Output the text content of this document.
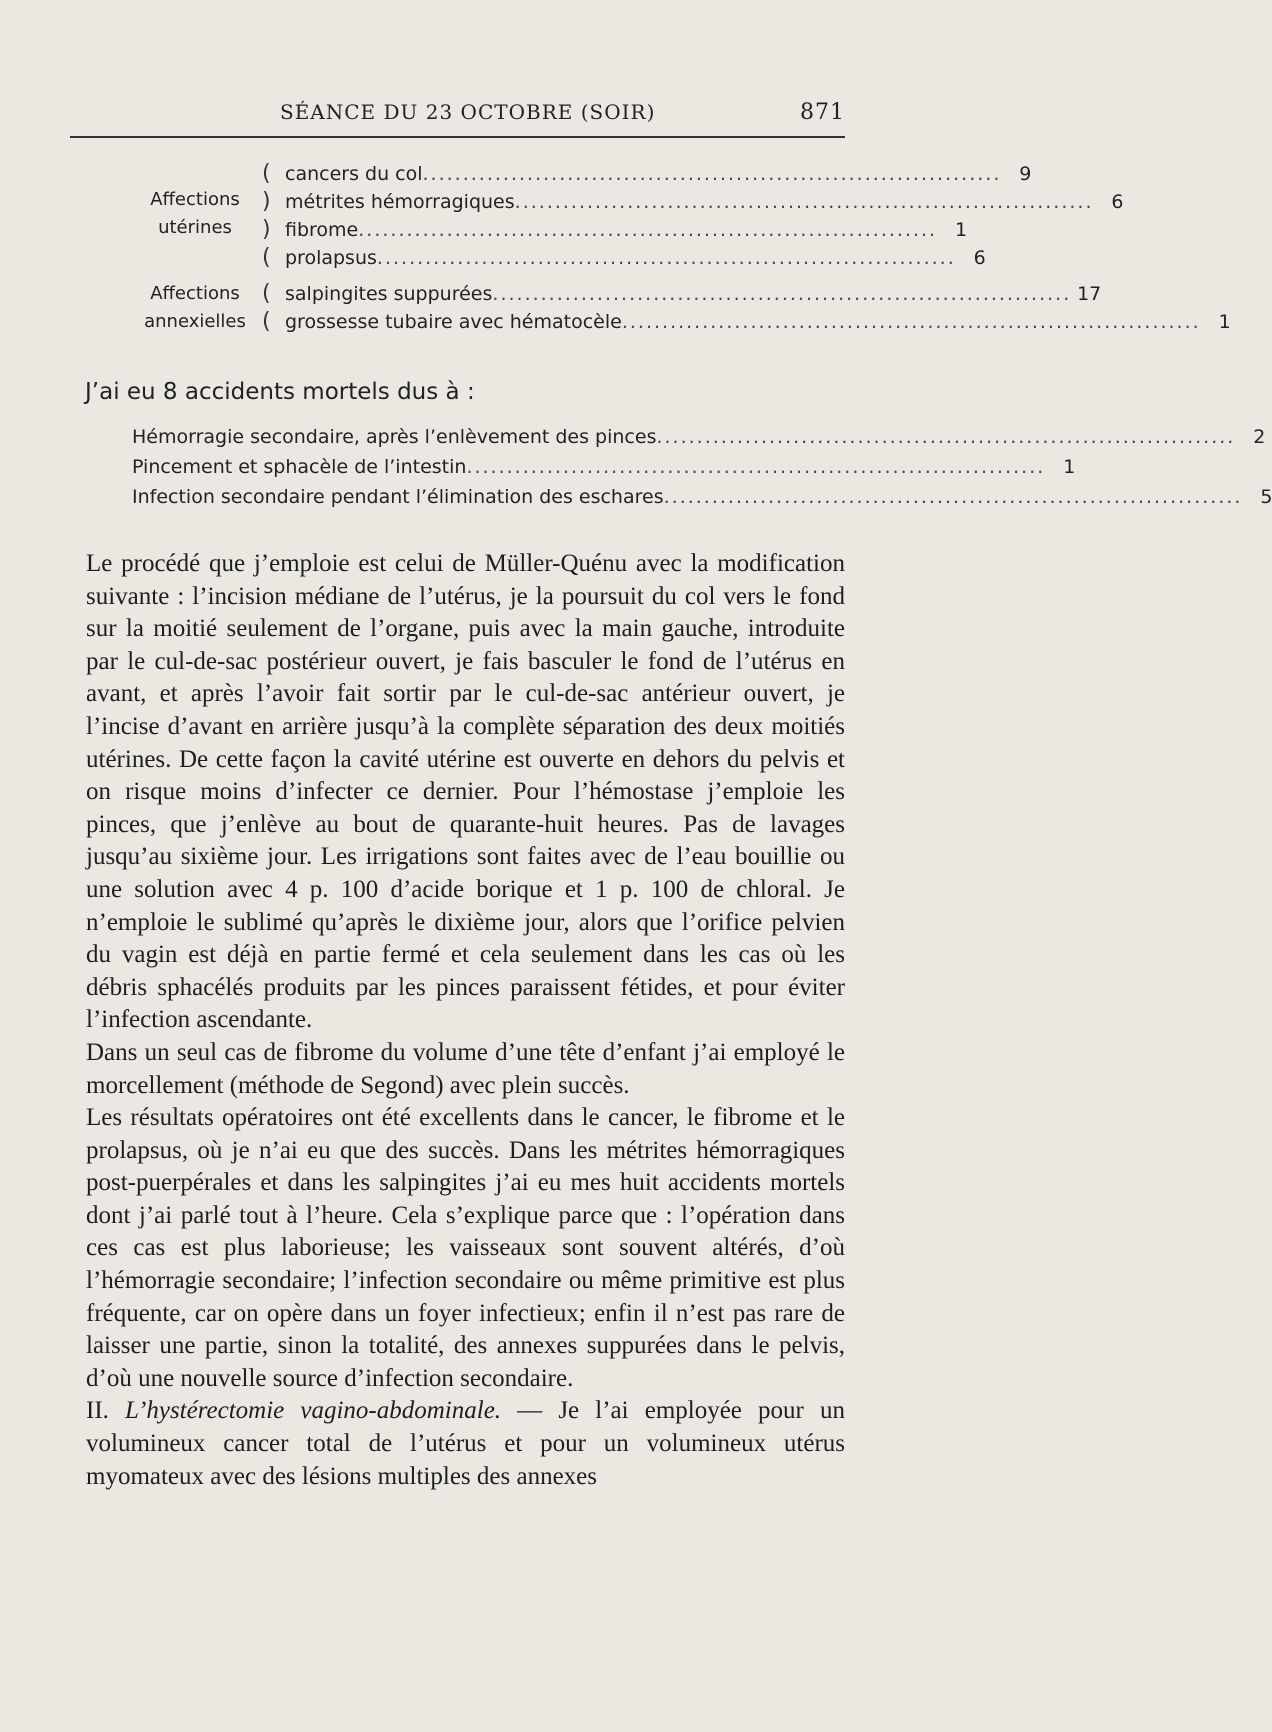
SÉANCE DU 23 OCTOBRE (SOIR)	871
Affections
utérines
(
)
)
(
cancers du col ........................................................................ 9
métrites hémorragiques ........................................................................ 6
fibrome ........................................................................ 1
prolapsus ........................................................................ 6
Affections
annexielles
(
(
salpingites suppurées ........................................................................ 17
grossesse tubaire avec hématocèle ........................................................................ 1
J’ai eu 8 accidents mortels dus à :
Hémorragie secondaire, après l’enlèvement des pinces ........................................................................ 2
Pincement et sphacèle de l’intestin ........................................................................ 1
Infection secondaire pendant l’élimination des eschares ........................................................................ 5

Le procédé que j’emploie est celui de Müller-Quénu avec la modification suivante : l’incision médiane de l’utérus, je la poursuit du col vers le fond sur la moitié seulement de l’organe, puis avec la main gauche, introduite par le cul-de-sac postérieur ouvert, je fais basculer le fond de l’utérus en avant, et après l’avoir fait sortir par le cul-de-sac antérieur ouvert, je l’incise d’avant en arrière jusqu’à la complète séparation des deux moitiés utérines. De cette façon la cavité utérine est ouverte en dehors du pelvis et on risque moins d’infecter ce dernier. Pour l’hémostase j’emploie les pinces, que j’enlève au bout de quarante-huit heures. Pas de lavages jusqu’au sixième jour. Les irrigations sont faites avec de l’eau bouillie ou une solution avec 4 p. 100 d’acide borique et 1 p. 100 de chloral. Je n’emploie le sublimé qu’après le dixième jour, alors que l’orifice pelvien du vagin est déjà en partie fermé et cela seulement dans les cas où les débris sphacélés produits par les pinces paraissent fétides, et pour éviter l’infection ascendante.

Dans un seul cas de fibrome du volume d’une tête d’enfant j’ai employé le morcellement (méthode de Segond) avec plein succès.

Les résultats opératoires ont été excellents dans le cancer, le fibrome et le prolapsus, où je n’ai eu que des succès. Dans les métrites hémorragiques post-puerpérales et dans les salpingites j’ai eu mes huit accidents mortels dont j’ai parlé tout à l’heure. Cela s’explique parce que : l’opération dans ces cas est plus laborieuse; les vaisseaux sont souvent altérés, d’où l’hémorragie secondaire; l’infection secondaire ou même primitive est plus fréquente, car on opère dans un foyer infectieux; enfin il n’est pas rare de laisser une partie, sinon la totalité, des annexes suppurées dans le pelvis, d’où une nouvelle source d’infection secondaire.

II. L’hystérectomie vagino-abdominale. — Je l’ai employée pour un volumineux cancer total de l’utérus et pour un volumineux utérus myomateux avec des lésions multiples des annexes
